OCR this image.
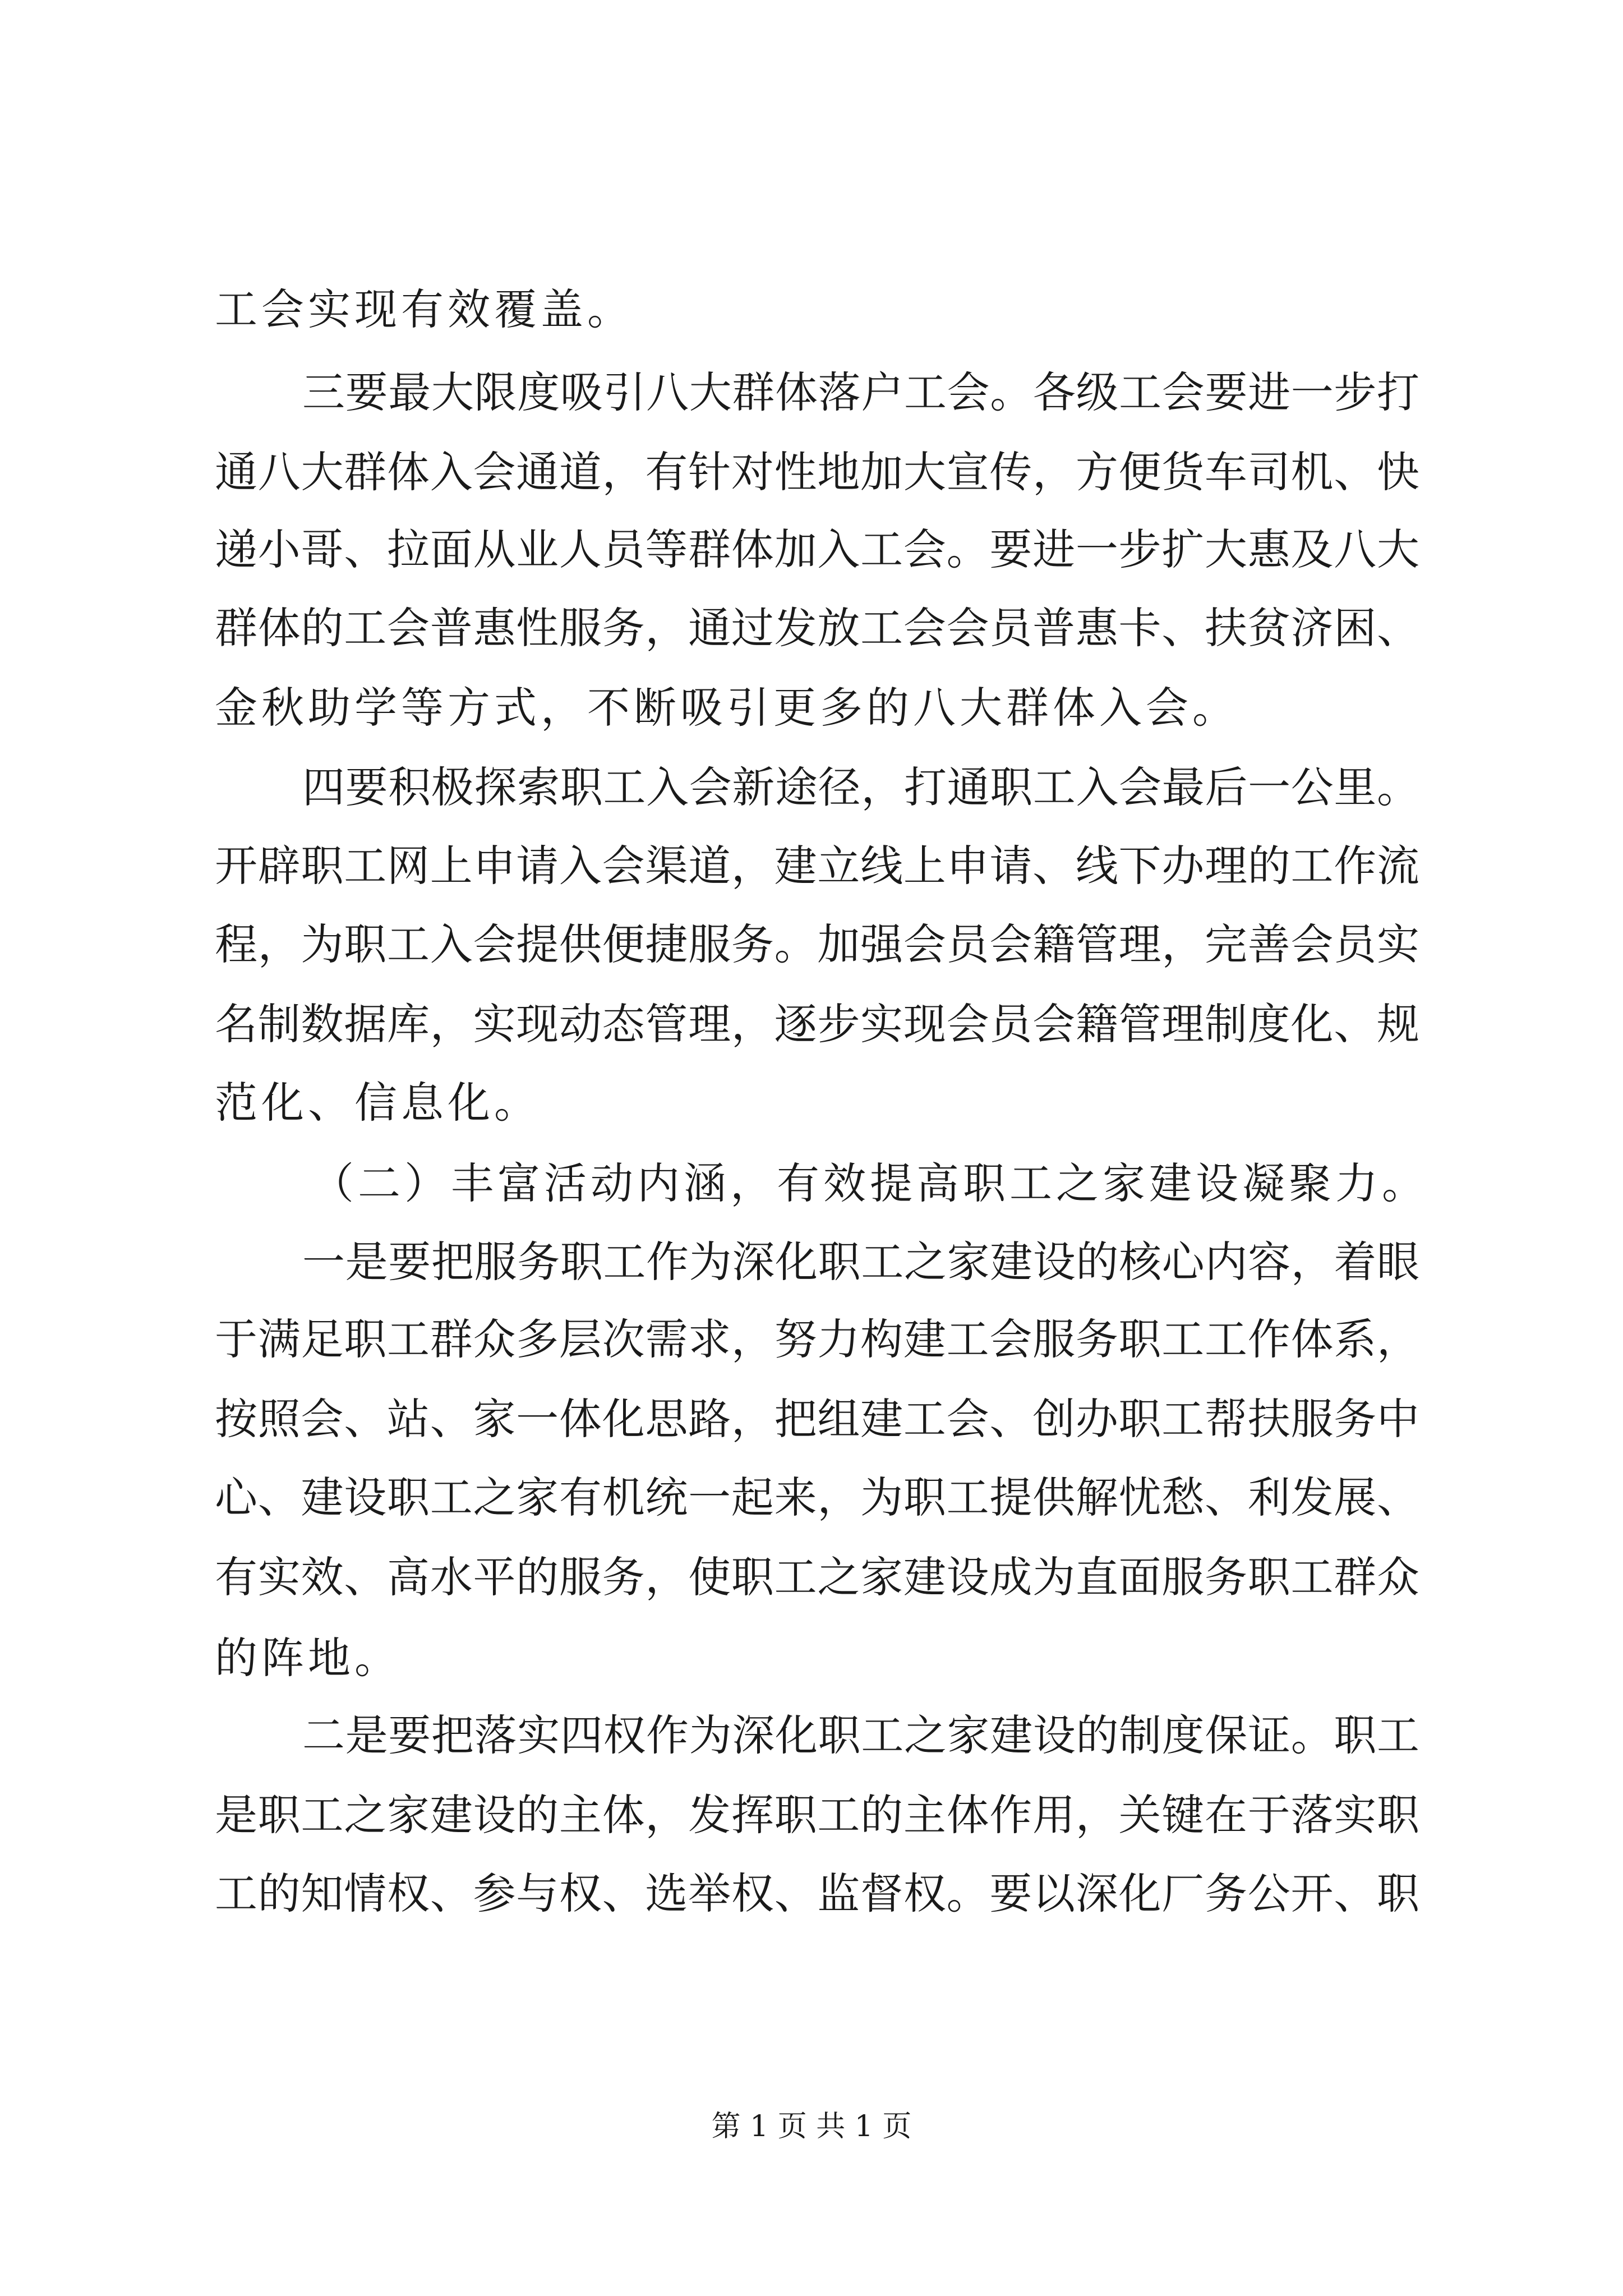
工会实现有效覆盖。
三要最大限度吸引八大群体落户工会。各级工会要进一步打
通八大群体入会通道，有针对性地加大宣传，方便货车司机、快
递小哥、拉面从业人员等群体加入工会。要进一步扩大惠及八大
群体的工会普惠性服务，通过发放工会会员普惠卡、扶贫济困、
金秋助学等方式，不断吸引更多的八大群体入会。
四要积极探索职工入会新途径，打通职工入会最后一公里。
开辟职工网上申请入会渠道，建立线上申请、线下办理的工作流
程，为职工入会提供便捷服务。加强会员会籍管理，完善会员实
名制数据库，实现动态管理，逐步实现会员会籍管理制度化、规
范化、信息化。
（二）丰富活动内涵，有效提高职工之家建设凝聚力。
一是要把服务职工作为深化职工之家建设的核心内容，着眼
于满足职工群众多层次需求，努力构建工会服务职工工作体系，
按照会、站、家一体化思路，把组建工会、创办职工帮扶服务中
心、建设职工之家有机统一起来，为职工提供解忧愁、利发展、
有实效、高水平的服务，使职工之家建设成为直面服务职工群众
的阵地。
二是要把落实四权作为深化职工之家建设的制度保证。职工
是职工之家建设的主体，发挥职工的主体作用，关键在于落实职
工的知情权、参与权、选举权、监督权。要以深化厂务公开、职
第 1 页 共 1 页
